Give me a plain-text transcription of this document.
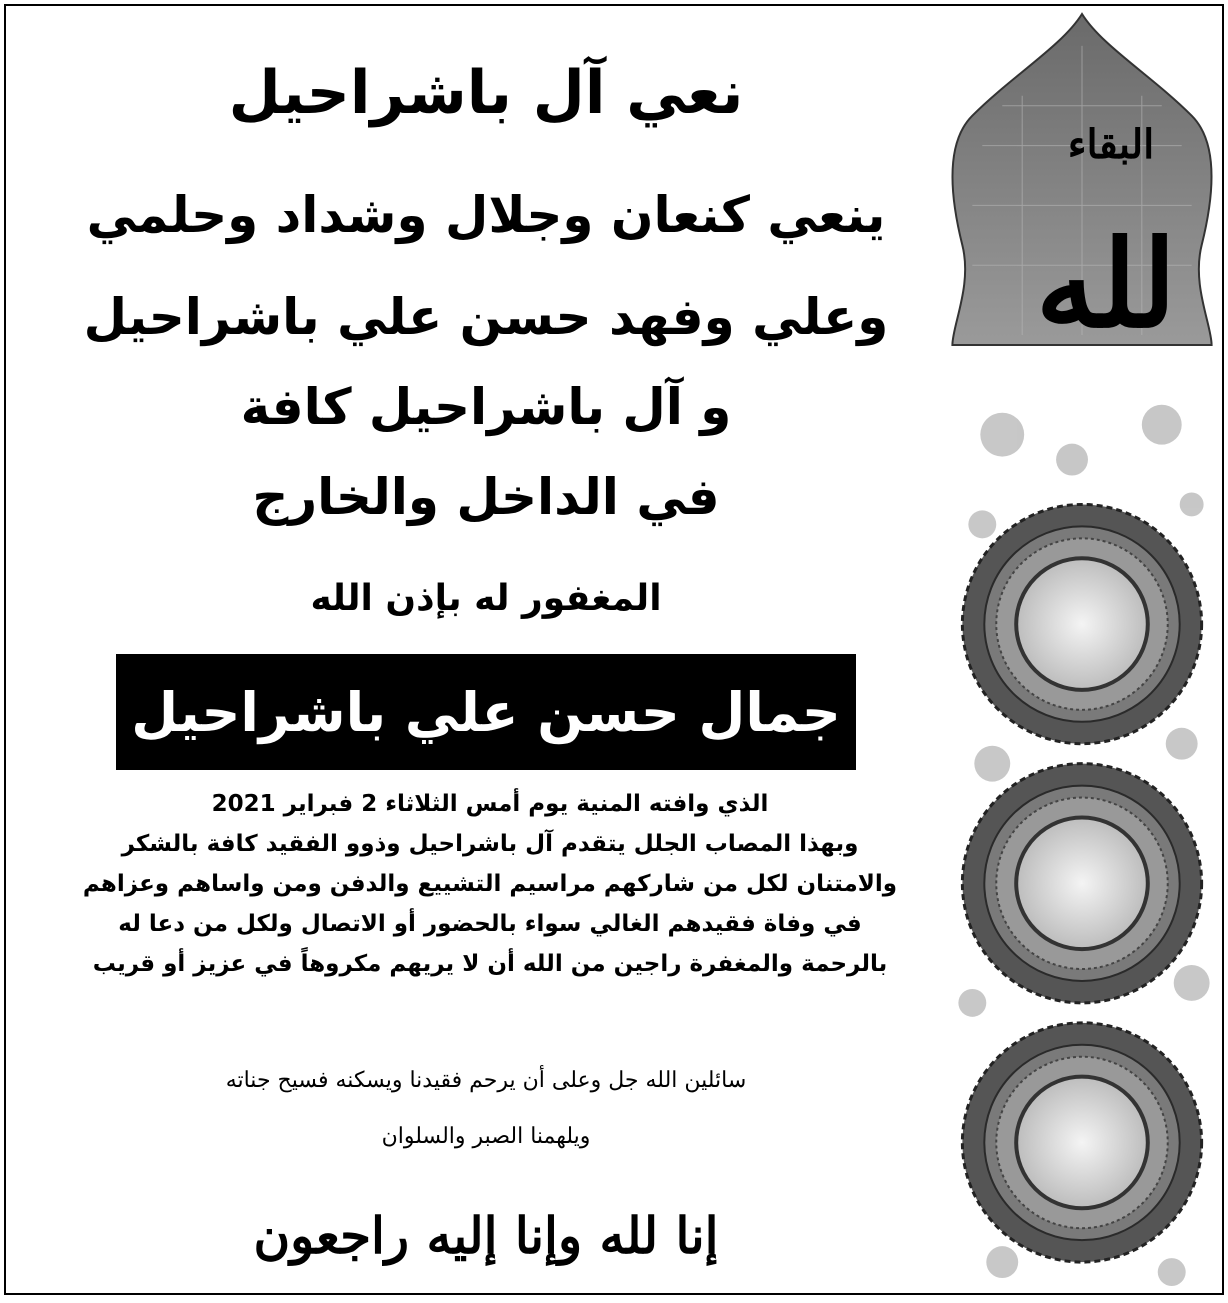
البقاء
لله
نعي آل باشراحيل
ينعي كنعان وجلال وشداد وحلمي
وعلي وفهد حسن علي باشراحيل
و آل باشراحيل كافة
في الداخل والخارج
المغفور له بإذن الله
جمال حسن علي باشراحيل
الذي وافته المنية يوم أمس الثلاثاء 2 فبراير 2021
وبهذا المصاب الجلل يتقدم آل باشراحيل وذوو الفقيد كافة بالشكر
والامتنان لكل من شاركهم مراسيم التشييع والدفن ومن واساهم وعزاهم
في وفاة فقيدهم الغالي سواء بالحضور أو الاتصال ولكل من دعا له
بالرحمة والمغفرة راجين من الله أن لا يريهم مكروهاً في عزيز أو قريب
سائلين الله جل وعلى أن يرحم فقيدنا ويسكنه فسيح جناته
ويلهمنا الصبر والسلوان
إنا لله وإنا إليه راجعون
